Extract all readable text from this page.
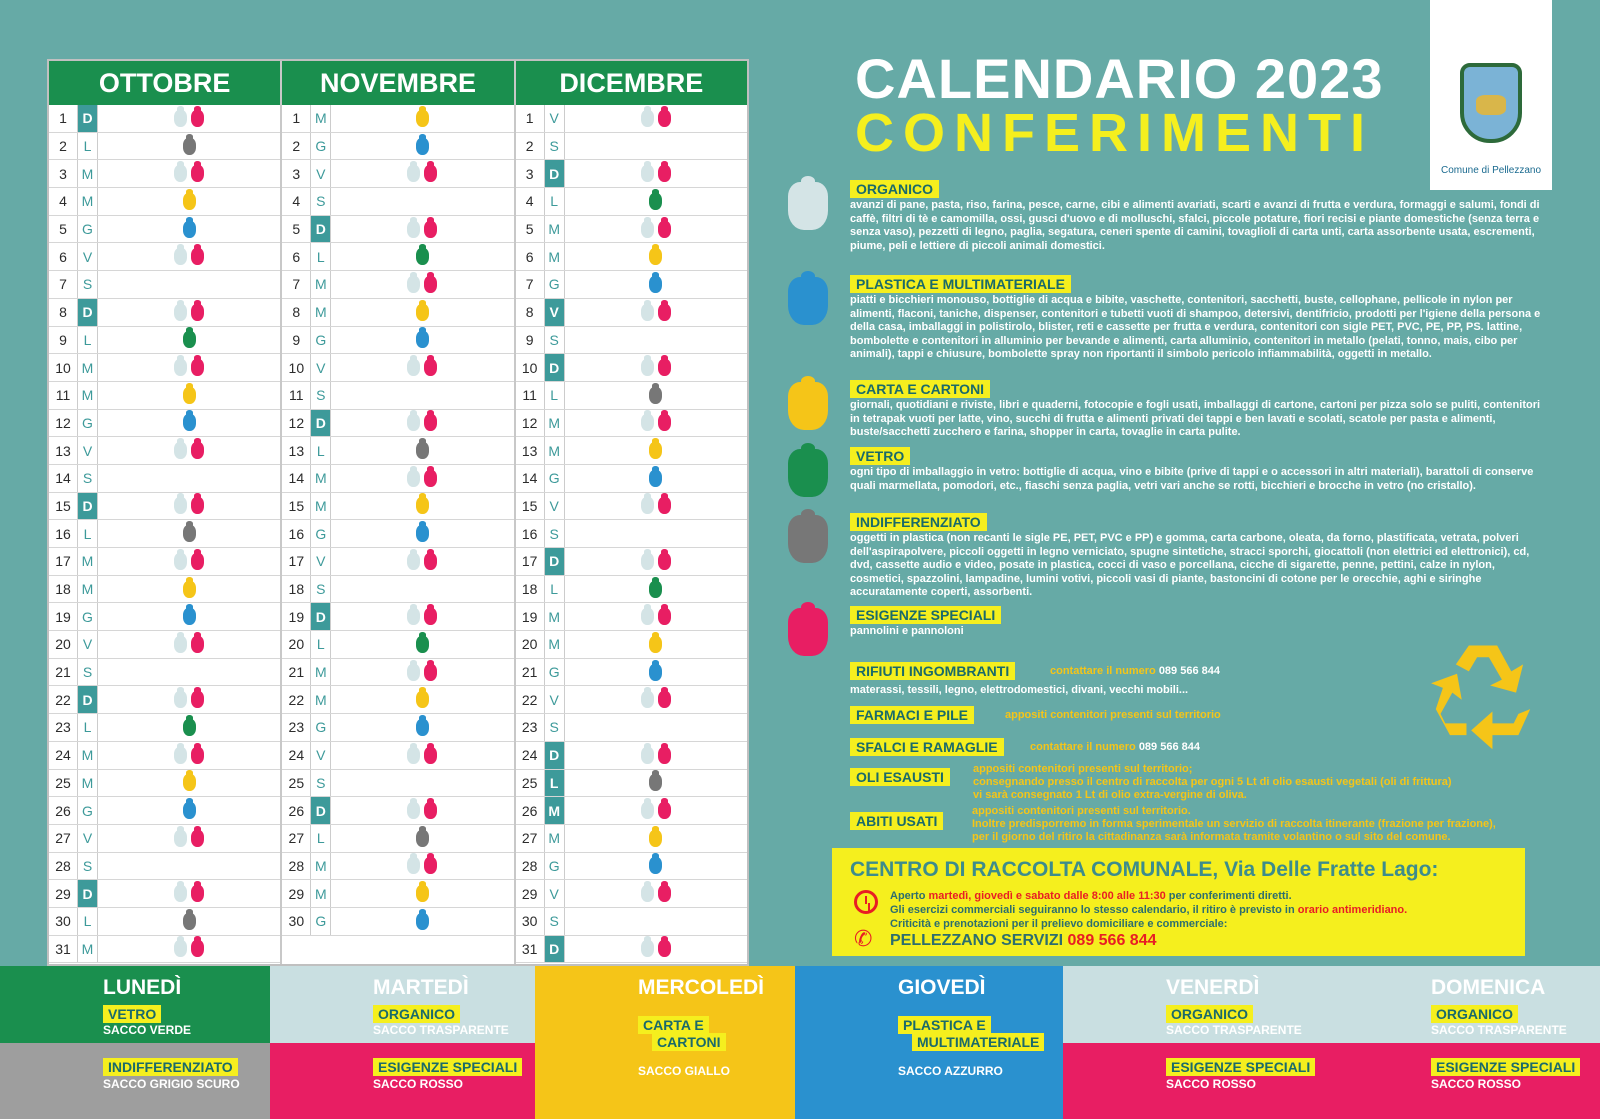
OTTOBRE
1	D
2	L
3	M
4	M
5	G
6	V
7	S
8	D
9	L
10 M
11 M
12 G
13 V
14 S
15 D
16 L
17 M
18 M
19 G
20 V
21 S
22 D
23 L
24 M
25 M
26 G
27 V
28 S
29 D
30 L
31 M
NOVEMBRE
1	M
2	G
3	V
4	S
5	D
6	L
7	M
8	M
9	G
10 V
11 S
12 D
13 L
14 M
15 M
16 G
17 V
18 S
19 D
20 L
21 M
22 M
23 G
24 V
25 S
26 D
27 L
28 M
29 M
30 G
DICEMBRE
1	V
2	S
3	D
4	L
5	M
6	M
7	G
8	V
9	S
10 D
11 L
12 M
13 M
14 G
15 V
16 S
17 D
18 L
19 M
20 M
21 G
22 V
23 S
24 D
25 L
26 M
27 M
28 G
29 V
30 S
31 D
CALENDARIO 2023
CONFERIMENTI
Comune di Pellezzano
ORGANICO
avanzi di pane, pasta, riso, farina, pesce, carne, cibi e alimenti avariati, scarti e avanzi di frutta e verdura, formaggi e salumi, fondi di caffè, filtri di tè e camomilla, ossi, gusci d'uovo e di molluschi, sfalci, piccole potature, fiori recisi e piante domestiche (senza terra e senza vaso), pezzetti di legno, paglia, segatura, ceneri spente di camini, tovaglioli di carta unti, carta assorbente usata, escrementi, piume, peli e lettiere di piccoli animali domestici.
PLASTICA E MULTIMATERIALE
piatti e bicchieri monouso, bottiglie di acqua e bibite, vaschette, contenitori, sacchetti, buste, cellophane, pellicole in nylon per alimenti, flaconi, taniche, dispenser, contenitori e tubetti vuoti di shampoo, detersivi, dentifricio, prodotti per l'igiene della persona e della casa, imballaggi in polistirolo, blister, reti e cassette per frutta e verdura, contenitori con sigle PET, PVC, PE, PP, PS. lattine, bombolette e contenitori in alluminio per bevande e alimenti, carta alluminio, contenitori in metallo (pelati, tonno, mais, cibo per animali), tappi e chiusure, bombolette spray non riportanti il simbolo pericolo infiammabilità, oggetti in metallo.
CARTA E CARTONI
giornali, quotidiani e riviste, libri e quaderni, fotocopie e fogli usati, imballaggi di cartone, cartoni per pizza solo se puliti, contenitori in tetrapak vuoti per latte, vino, succhi di frutta e alimenti privati dei tappi e ben lavati e scolati, scatole per pasta e alimenti, buste/sacchetti zucchero e farina, shopper in carta, tovaglie in carta pulite.
VETRO
ogni tipo di imballaggio in vetro: bottiglie di acqua, vino e bibite (prive di tappi e o accessori in altri materiali), barattoli di conserve quali marmellata, pomodori, etc., fiaschi senza paglia, vetri vari anche se rotti, bicchieri e brocche in vetro (no cristallo).
INDIFFERENZIATO
oggetti in plastica (non recanti le sigle PE, PET, PVC e PP) e gomma, carta carbone, oleata, da forno, plastificata, vetrata, polveri dell'aspirapolvere, piccoli oggetti in legno verniciato, spugne sintetiche, stracci sporchi, giocattoli (non elettrici ed elettronici), cd, dvd, cassette audio e video, posate in plastica, cocci di vaso e porcellana, cicche di sigarette, penne, pettini, calze in nylon, cosmetici, spazzolini, lampadine, lumini votivi, piccoli vasi di piante, bastoncini di cotone per le orecchie, aghi e siringhe accuratamente coperti, assorbenti.
ESIGENZE SPECIALI
pannolini e pannoloni
RIFIUTI INGOMBRANTI	contattare il numero 089 566 844
materassi, tessili, legno, elettrodomestici, divani, vecchi mobili...
FARMACI E PILE	appositi contenitori presenti sul territorio
SFALCI E RAMAGLIE	contattare il numero 089 566 844
OLI ESAUSTI	appositi contenitori presenti sul territorio;
consegnando presso il centro di raccolta per ogni 5 Lt di olio esausti vegetali (oli di frittura)
vi sarà consegnato 1 Lt di olio extra-vergine di oliva.
ABITI USATI
appositi contenitori presenti sul territorio.
Inoltre predisporremo in forma sperimentale un servizio di raccolta itinerante (frazione per frazione),
per il giorno del ritiro la cittadinanza sarà informata tramite volantino o sul sito del comune.
CENTRO DI RACCOLTA COMUNALE, Via Delle Fratte Lago:
Aperto martedì, giovedì e sabato dalle 8:00 alle 11:30 per conferimenti diretti.
Gli esercizi commerciali seguiranno lo stesso calendario, il ritiro è previsto in orario antimeridiano.
Criticità e prenotazioni per il prelievo domiciliare e commerciale:
✆ PELLEZZANO SERVIZI 089 566 844
LUNEDÌ
VETRO
SACCO VERDE
INDIFFERENZIATO
SACCO GRIGIO SCURO
MARTEDÌ
ORGANICO
SACCO TRASPARENTE
ESIGENZE SPECIALI
SACCO ROSSO
MERCOLEDÌ
CARTA E
CARTONI
SACCO GIALLO
GIOVEDÌ
PLASTICA E
MULTIMATERIALE
SACCO AZZURRO
VENERDÌ
ORGANICO
SACCO TRASPARENTE
ESIGENZE SPECIALI
SACCO ROSSO
DOMENICA
ORGANICO
SACCO TRASPARENTE
ESIGENZE SPECIALI
SACCO ROSSO
